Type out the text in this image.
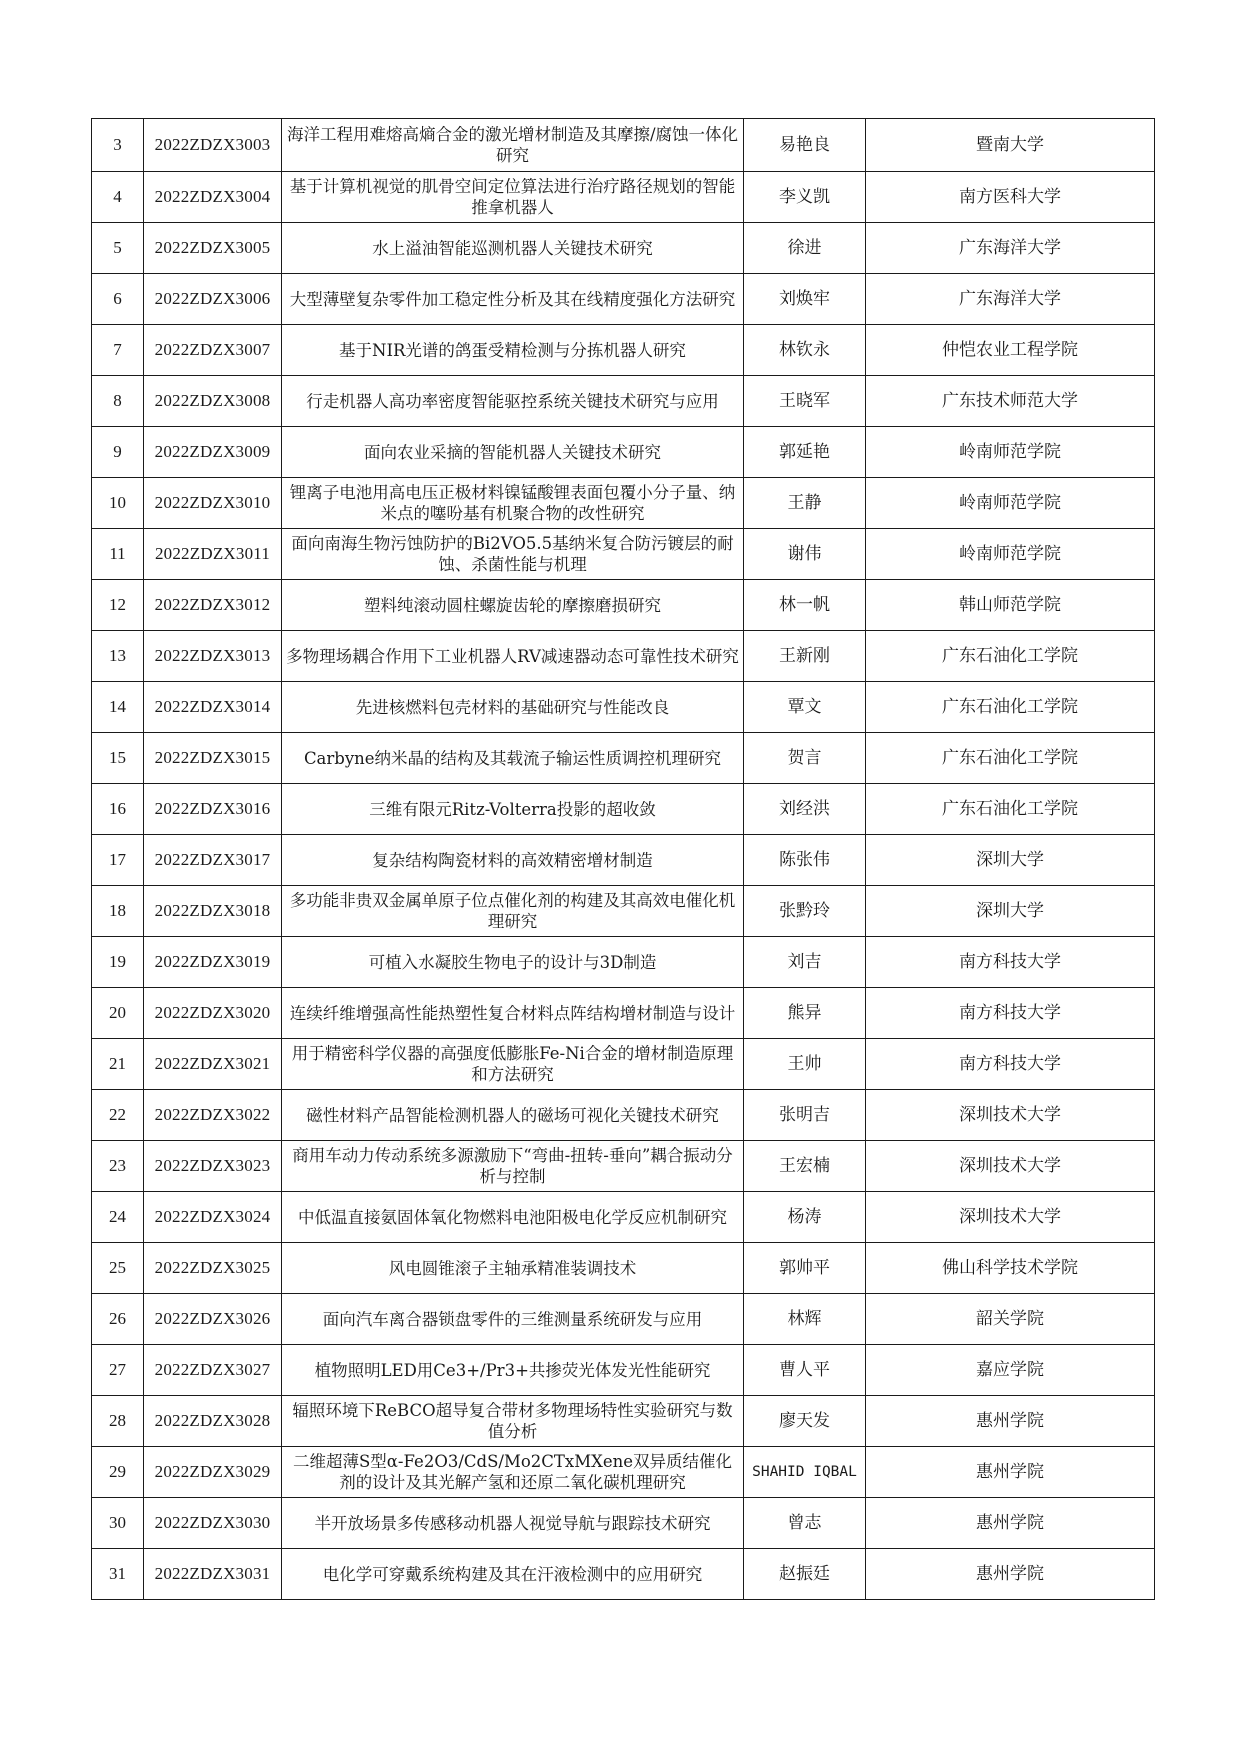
3	2022ZDZX3003	海洋工程用难熔高熵合金的激光增材制造及其摩擦/腐蚀一体化研究	易艳良	暨南大学
4	2022ZDZX3004	基于计算机视觉的肌骨空间定位算法进行治疗路径规划的智能推拿机器人	李义凯	南方医科大学
5	2022ZDZX3005	水上溢油智能巡测机器人关键技术研究	徐进	广东海洋大学
6	2022ZDZX3006	大型薄壁复杂零件加工稳定性分析及其在线精度强化方法研究	刘焕牢	广东海洋大学
7	2022ZDZX3007	基于NIR光谱的鸽蛋受精检测与分拣机器人研究	林钦永	仲恺农业工程学院
8	2022ZDZX3008	行走机器人高功率密度智能驱控系统关键技术研究与应用	王晓军	广东技术师范大学
9	2022ZDZX3009	面向农业采摘的智能机器人关键技术研究	郭延艳	岭南师范学院
10	2022ZDZX3010	锂离子电池用高电压正极材料镍锰酸锂表面包覆小分子量、纳米点的噻吩基有机聚合物的改性研究	王静	岭南师范学院
11	2022ZDZX3011	面向南海生物污蚀防护的Bi2VO5.5基纳米复合防污镀层的耐蚀、杀菌性能与机理	谢伟	岭南师范学院
12	2022ZDZX3012	塑料纯滚动圆柱螺旋齿轮的摩擦磨损研究	林一帆	韩山师范学院
13	2022ZDZX3013	多物理场耦合作用下工业机器人RV减速器动态可靠性技术研究	王新刚	广东石油化工学院
14	2022ZDZX3014	先进核燃料包壳材料的基础研究与性能改良	覃文	广东石油化工学院
15	2022ZDZX3015	Carbyne纳米晶的结构及其载流子输运性质调控机理研究	贺言	广东石油化工学院
16	2022ZDZX3016	三维有限元Ritz-Volterra投影的超收敛	刘经洪	广东石油化工学院
17	2022ZDZX3017	复杂结构陶瓷材料的高效精密增材制造	陈张伟	深圳大学
18	2022ZDZX3018	多功能非贵双金属单原子位点催化剂的构建及其高效电催化机理研究	张黔玲	深圳大学
19	2022ZDZX3019	可植入水凝胶生物电子的设计与3D制造	刘吉	南方科技大学
20	2022ZDZX3020	连续纤维增强高性能热塑性复合材料点阵结构增材制造与设计	熊异	南方科技大学
21	2022ZDZX3021	用于精密科学仪器的高强度低膨胀Fe-Ni合金的增材制造原理和方法研究	王帅	南方科技大学
22	2022ZDZX3022	磁性材料产品智能检测机器人的磁场可视化关键技术研究	张明吉	深圳技术大学
23	2022ZDZX3023	商用车动力传动系统多源激励下“弯曲-扭转-垂向”耦合振动分析与控制	王宏楠	深圳技术大学
24	2022ZDZX3024	中低温直接氨固体氧化物燃料电池阳极电化学反应机制研究	杨涛	深圳技术大学
25	2022ZDZX3025	风电圆锥滚子主轴承精准装调技术	郭帅平	佛山科学技术学院
26	2022ZDZX3026	面向汽车离合器锁盘零件的三维测量系统研发与应用	林辉	韶关学院
27	2022ZDZX3027	植物照明LED用Ce3+/Pr3+共掺荧光体发光性能研究	曹人平	嘉应学院
28	2022ZDZX3028	辐照环境下ReBCO超导复合带材多物理场特性实验研究与数值分析	廖天发	惠州学院
29	2022ZDZX3029	二维超薄S型α-Fe2O3/CdS/Mo2CTxMXene双异质结催化剂的设计及其光解产氢和还原二氧化碳机理研究	SHAHID IQBAL	惠州学院
30	2022ZDZX3030	半开放场景多传感移动机器人视觉导航与跟踪技术研究	曾志	惠州学院
31	2022ZDZX3031	电化学可穿戴系统构建及其在汗液检测中的应用研究	赵振廷	惠州学院
